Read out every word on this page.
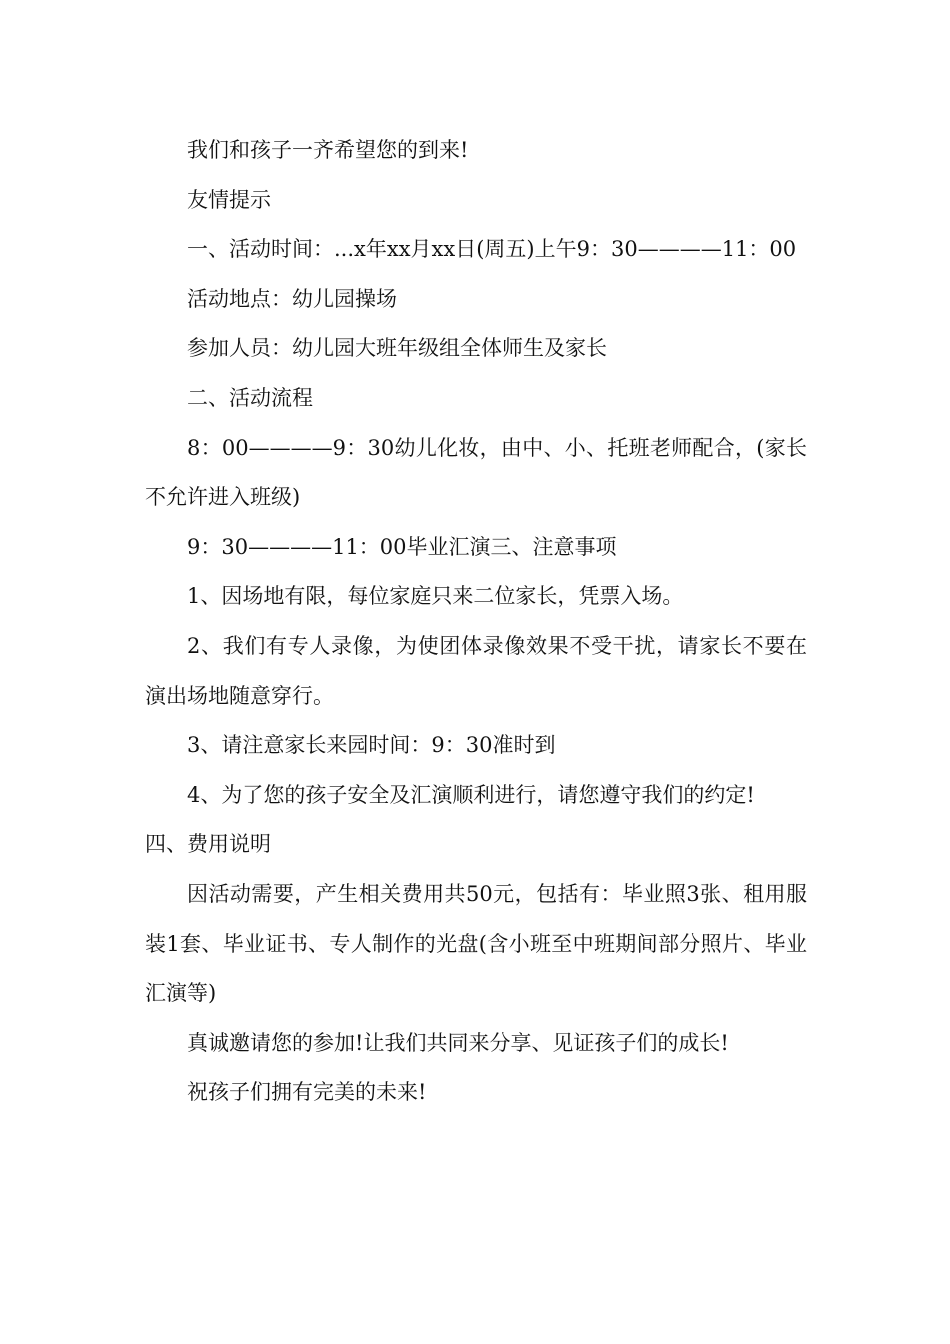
我们和孩子一齐希望您的到来!

友情提示

一、活动时间：...x年xx月xx日(周五)上午9：30————11：00

活动地点：幼儿园操场

参加人员：幼儿园大班年级组全体师生及家长

二、活动流程

8：00————9：30幼儿化妆，由中、小、托班老师配合，(家长不允许进入班级)

9：30————11：00毕业汇演三、注意事项

1、因场地有限，每位家庭只来二位家长，凭票入场。

2、我们有专人录像，为使团体录像效果不受干扰，请家长不要在演出场地随意穿行。

3、请注意家长来园时间：9：30准时到

4、为了您的孩子安全及汇演顺利进行，请您遵守我们的约定!

四、费用说明

因活动需要，产生相关费用共50元，包括有：毕业照3张、租用服装1套、毕业证书、专人制作的光盘(含小班至中班期间部分照片、毕业汇演等)

真诚邀请您的参加!让我们共同来分享、见证孩子们的成长!

祝孩子们拥有完美的未来!
